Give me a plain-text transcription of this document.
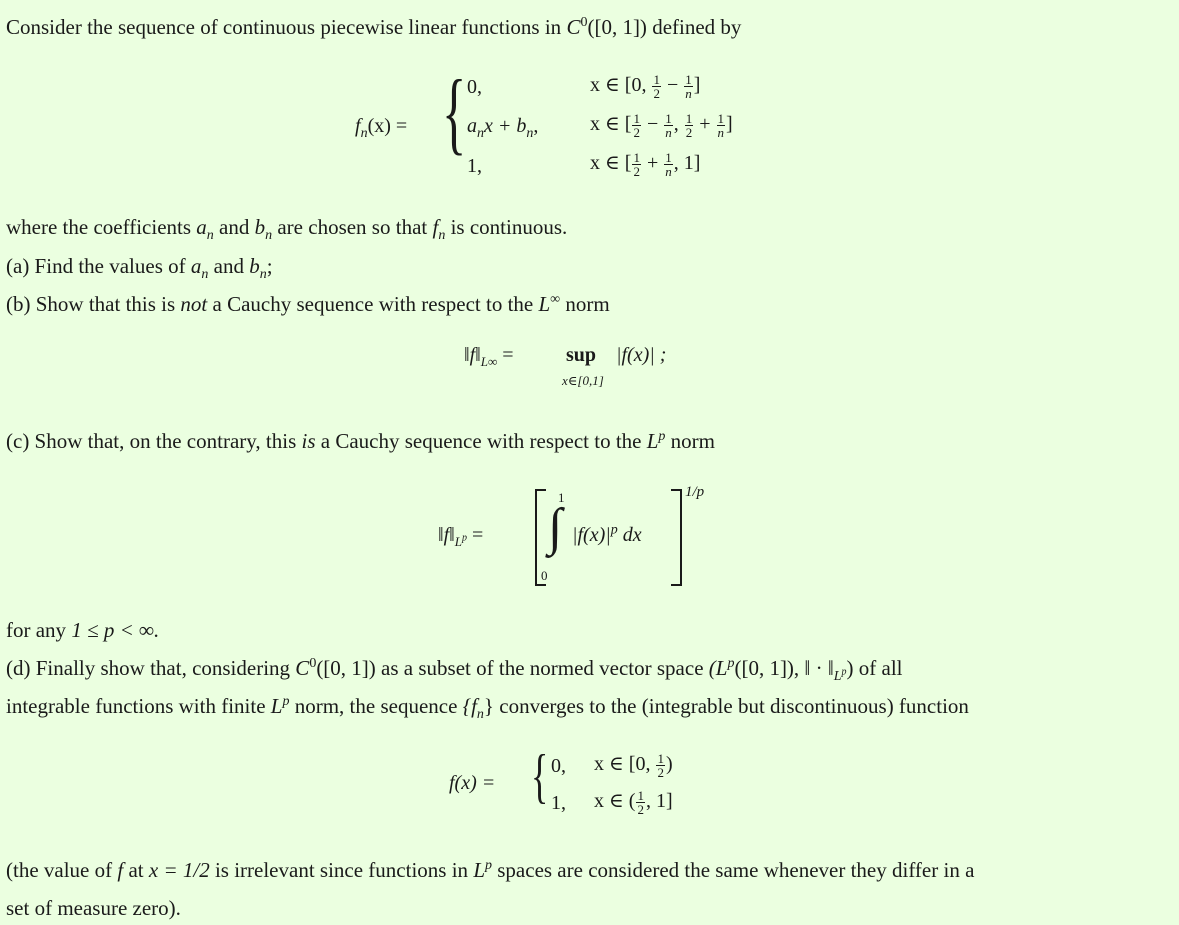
Consider the sequence of continuous piecewise linear functions in $C^0([0$, 1]) defined by
$f_n(x)$ = { 0,	x ∈ [0, $\frac{1}{2} - \frac{1}{n}$ ]
$a_nx + b_n$,	x ∈ [ $\frac{1}{2} - \frac{1}{n}$ , $\frac{1}{2} + \frac{1}{n}$ ]
1,	x ∈ [ $\frac{1}{2} + \frac{1}{n}$ , 1]
where the coefficients $a_n$ and $b_n$ are chosen so that $f_n$ is continuous.
(a) Find the values of $a_n$ and $b_n$;
(b) Show that this is not a Cauchy sequence with respect to the L∞ norm
$‖f‖_{L\infty}$ =	sup
x∈[0,1]
|f(x)| ;
(c) Show that, on the contrary, this is a Cauchy sequence with respect to the $L^p$ norm
$‖f‖_{L^p}$ =
1
∫
0
$|f(x)|^p$ dx
1/p
for any 1 ≤ p < ∞.
(d) Finally show that, considering $C^0([0$, 1]) as a subset of the normed vector space ($L^p([0$, 1]), ‖ · $‖_{L^p}$) of all
integrable functions with finite $L^p$ norm, the sequence $\{f_n\}$ converges to the (integrable but discontinuous) function
f(x) = { 0, x ∈ [0, $\frac{1}{2}$ )
1, x ∈ ( $\frac{1}{2}$ , 1]
(the value of f at x = 1/2 is irrelevant since functions in $L^p$ spaces are considered the same whenever they differ in a
set of measure zero).
